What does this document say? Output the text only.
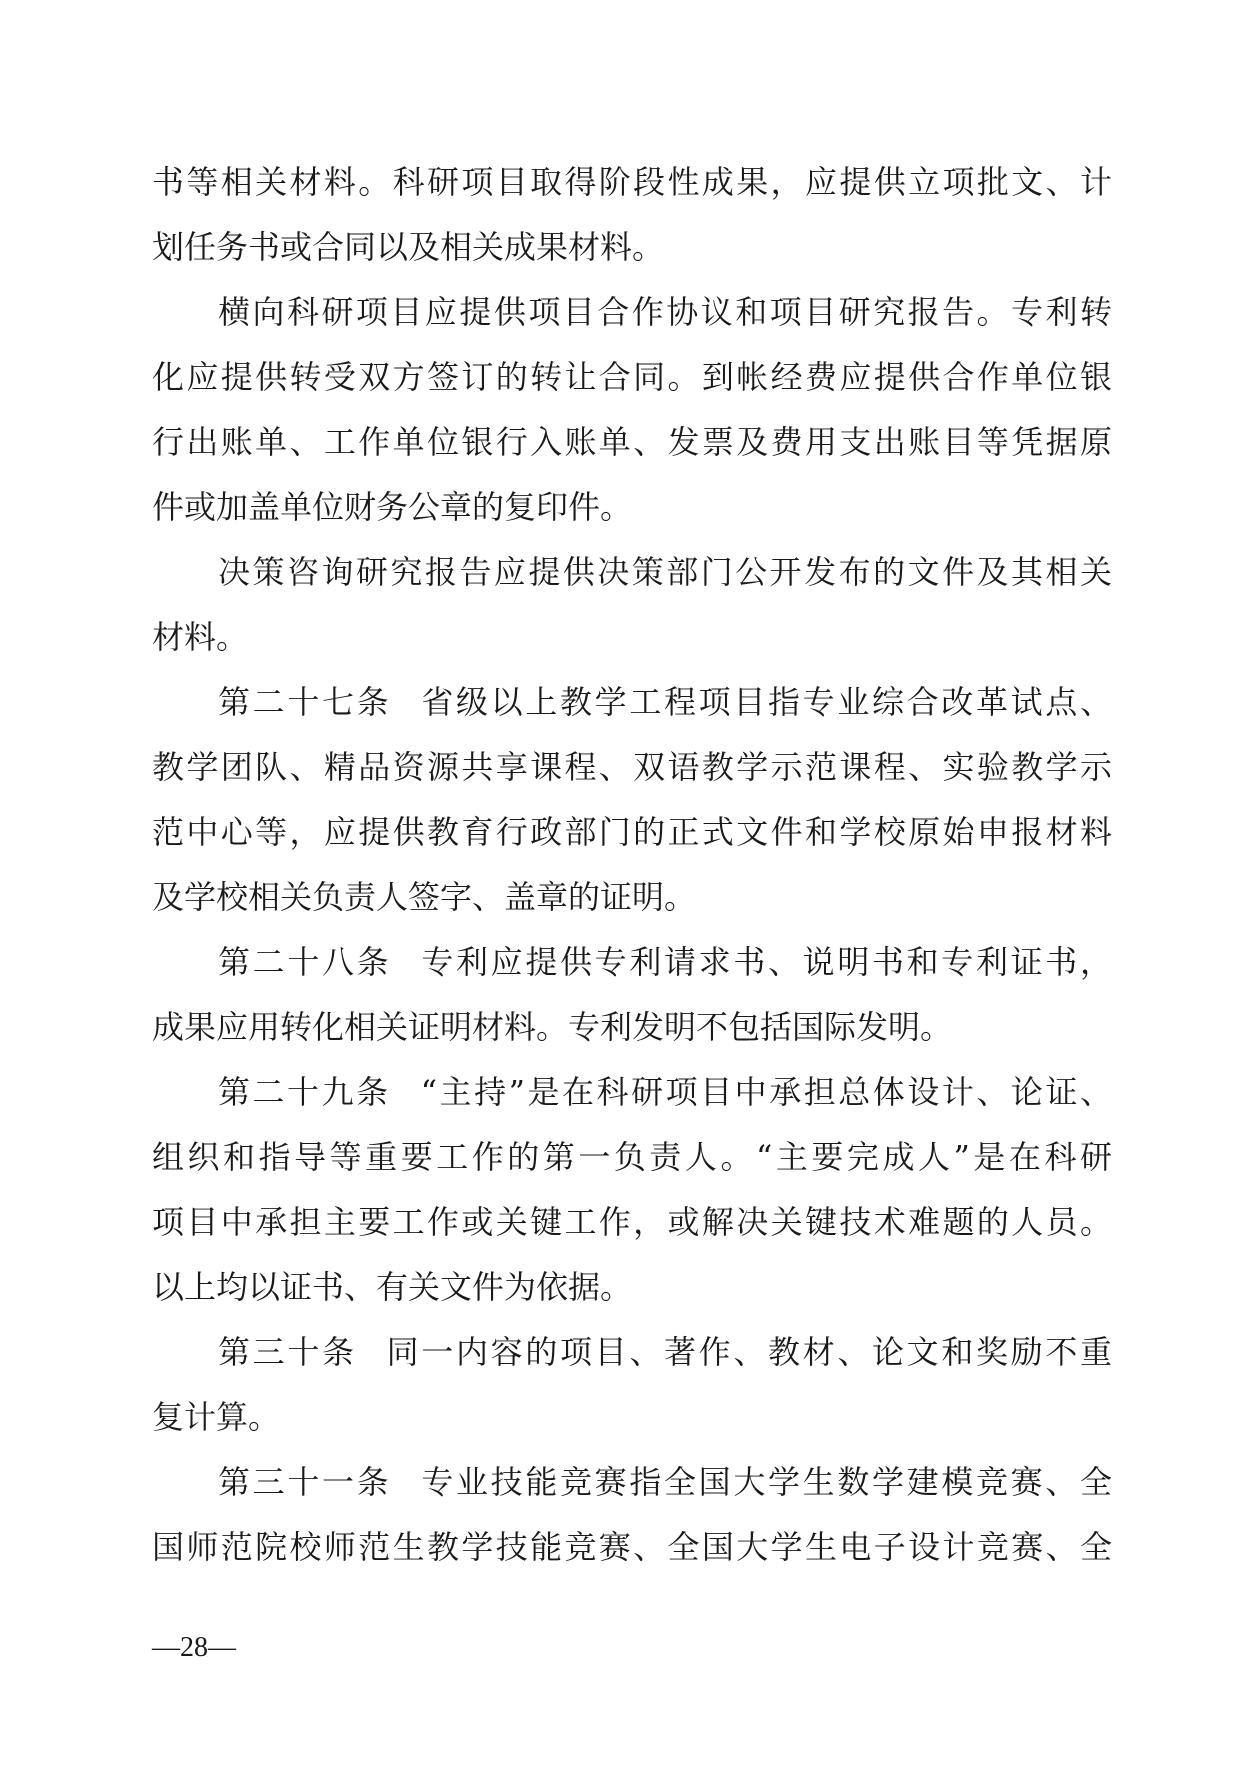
书等相关材料。科研项目取得阶段性成果，应提供立项批文、计
划任务书或合同以及相关成果材料。
横向科研项目应提供项目合作协议和项目研究报告。专利转
化应提供转受双方签订的转让合同。到帐经费应提供合作单位银
行出账单、工作单位银行入账单、发票及费用支出账目等凭据原
件或加盖单位财务公章的复印件。
决策咨询研究报告应提供决策部门公开发布的文件及其相关
材料。
第二十七条 省级以上教学工程项目指专业综合改革试点、
教学团队、精品资源共享课程、双语教学示范课程、实验教学示
范中心等，应提供教育行政部门的正式文件和学校原始申报材料
及学校相关负责人签字、盖章的证明。
第二十八条 专利应提供专利请求书、说明书和专利证书，
成果应用转化相关证明材料。专利发明不包括国际发明。
第二十九条 “主持”是在科研项目中承担总体设计、论证、
组织和指导等重要工作的第一负责人。“主要完成人”是在科研
项目中承担主要工作或关键工作，或解决关键技术难题的人员。
以上均以证书、有关文件为依据。
第三十条 同一内容的项目、著作、教材、论文和奖励不重
复计算。
第三十一条 专业技能竞赛指全国大学生数学建模竞赛、全
国师范院校师范生教学技能竞赛、全国大学生电子设计竞赛、全
—28—
